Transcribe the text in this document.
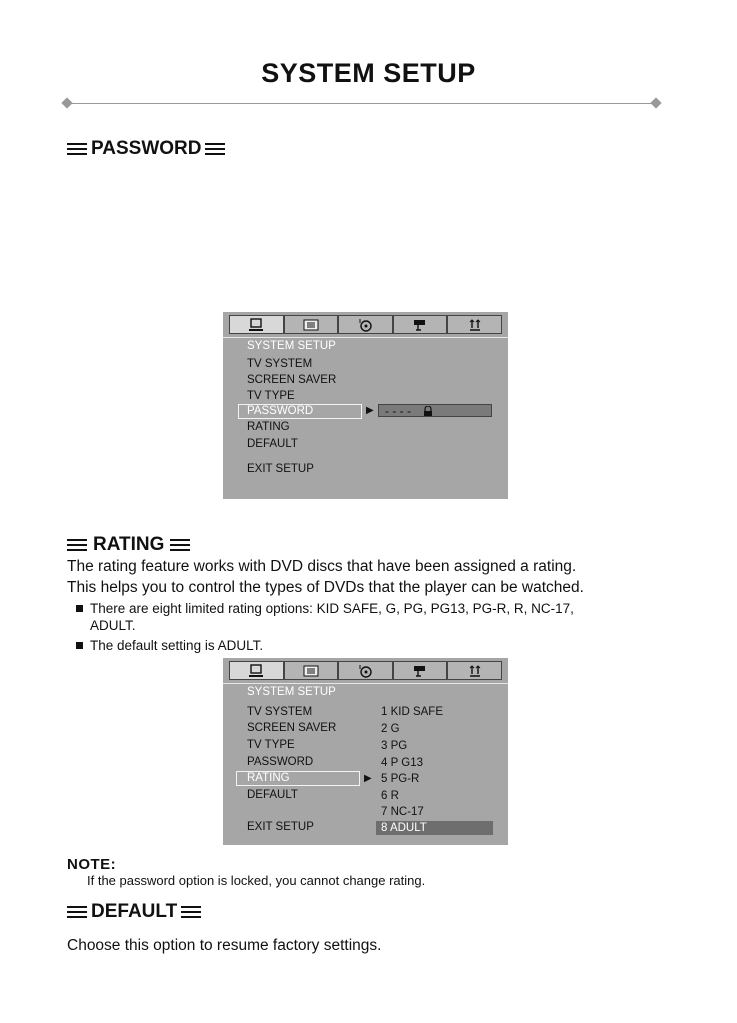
SYSTEM SETUP
PASSWORD
SYSTEM SETUP
TV SYSTEM
SCREEN SAVER
TV TYPE
PASSWORD	▶ - - - -
RATING
DEFAULT
EXIT SETUP
RATING
The rating feature works with DVD discs that have been assigned a rating.
This helps you to control the types of DVDs that the player can be watched.
There are eight limited rating options: KID SAFE, G, PG, PG13, PG-R, R, NC-17,
ADULT.
The default setting is ADULT.
SYSTEM SETUP
TV SYSTEM
SCREEN SAVER
TV TYPE
PASSWORD
RATING	▶
DEFAULT
EXIT SETUP
1 KID SAFE
2 G
3 PG
4 P G13
5 PG-R
6 R
7 NC-17
8 ADULT
NOTE:
If the password option is locked, you cannot change rating.
DEFAULT
Choose this option to resume factory settings.
